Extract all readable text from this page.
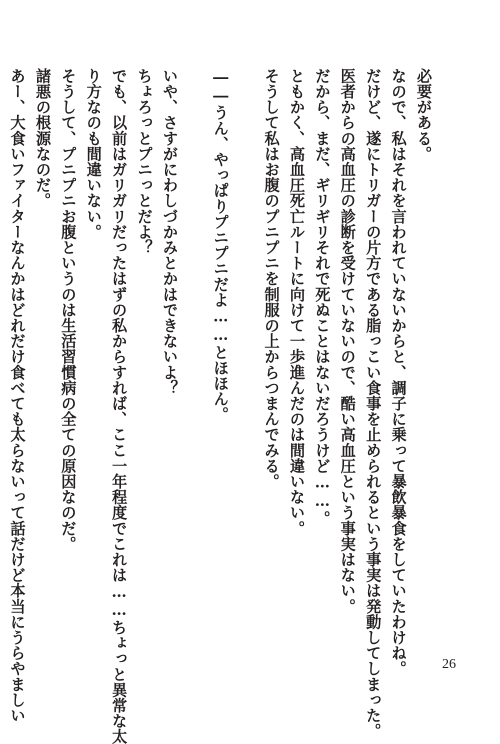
必要がある。
なので、私はそれを言われていないからと、調子に乗って暴飲暴食をしていたわけね。
だけど、遂にトリガーの片方である脂っこい食事を止められるという事実は発動してしまった。
医者からの高血圧の診断を受けていないので、酷い高血圧という事実はない。
だから、まだ、ギリギリそれで死ぬことはないだろうけど……。
ともかく、高血圧死亡ルートに向けて一歩進んだのは間違いない。
そうして私はお腹のプニプニを制服の上からつまんでみる。
――うん、やっぱりプニプニだよ……とほほん。
いや、さすがにわしづかみとかはできないよ？
ちょろっとプニっとだよ？
でも、以前はガリガリだったはずの私からすれば、ここ一年程度でこれは……ちょっと異常な太
り方なのも間違いない。
そうして、プニプニお腹というのは生活習慣病の全ての原因なのだ。
諸悪の根源なのだ。
あー、大食いファイターなんかはどれだけ食べても太らないって話だけど本当にうらやましい	26
